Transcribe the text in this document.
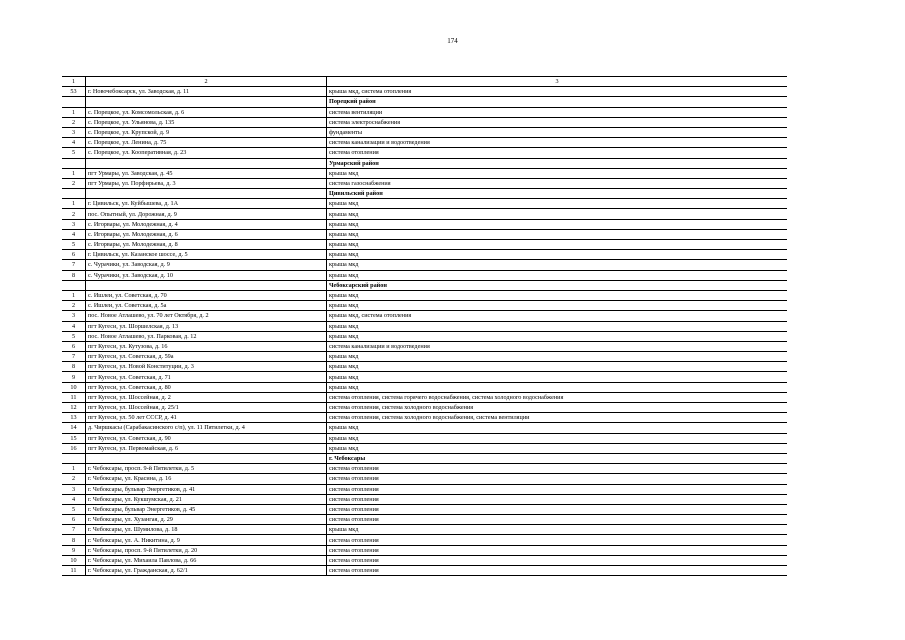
174
1	2	3
53	г. Новочебоксарск, ул. Заводская, д. 11	крыша мкд, система отопления
		Порецкий район
1	с. Порецкое, ул. Комсомольская, д. 6	система вентиляции
2	с. Порецкое, ул. Ульянова, д. 135	система электроснабжения
3	с. Порецкое, ул. Крупской, д. 9	фундаменты
4	с. Порецкое, ул. Ленина, д. 75	система канализации и водоотведения
5	с. Порецкое, ул. Кооперативная, д. 23	система отопления
		Урмарский район
1	пгт Урмары, ул. Заводская, д. 45	крыша мкд
2	пгт Урмары, ул. Порфирьева, д. 3	система газоснабжения
		Цивильский район
1	г. Цивильск, ул. Куйбышева, д. 1А	крыша мкд
2	пос. Опытный, ул. Дорожная, д. 9	крыша мкд
3	с. Игорвары, ул. Молодежная, д. 4	крыша мкд
4	с. Игорвары, ул. Молодежная, д. 6	крыша мкд
5	с. Игорвары, ул. Молодежная, д. 8	крыша мкд
6	г. Цивильск, ул. Казанское шоссе, д. 5	крыша мкд
7	с. Чурачики, ул. Заводская, д. 9	крыша мкд
8	с. Чурачики, ул. Заводская, д. 10	крыша мкд
		Чебоксарский район
1	с. Ишлеи, ул. Советская, д. 70	крыша мкд
2	с. Ишлеи, ул. Советская, д. 5а	крыша мкд
3	пос. Новое Атлашево, ул. 70 лет Октября, д. 2	крыша мкд, система отопления
4	пгт Кугеси, ул. Шоршелская, д. 13	крыша мкд
5	пос. Новое Атлашево, ул. Парковая, д. 12	крыша мкд
6	пгт Кугеси, ул. Кутузова, д. 16	система канализации и водоотведения
7	пгт Кугеси, ул. Советская, д. 59а	крыша мкд
8	пгт Кугеси, ул. Новой Конституции, д. 3	крыша мкд
9	пгт Кугеси, ул. Советская, д. 71	крыша мкд
10	пгт Кугеси, ул. Советская, д. 80	крыша мкд
11	пгт Кугеси, ул. Шоссейная, д. 2	система отопления, система горячего водоснабжения, система холодного водоснабжения
12	пгт Кугеси, ул. Шоссейная, д. 25/1	система отопления, система холодного водоснабжения
13	пгт Кугеси, ул. 50 лет СССР, д. 41	система отопления, система холодного водоснабжения, система вентиляции
14	д. Чиршкасы (Сарабакасинского с/п), ул. 11 Пятилетки, д. 4	крыша мкд
15	пгт Кугеси, ул. Советская, д. 90	крыша мкд
16	пгт Кугеси, ул. Первомайская, д. 6	крыша мкд
		г. Чебоксары
1	г. Чебоксары, просп. 9-й Пятилетки, д. 5	система отопления
2	г. Чебоксары, ул. Красина, д. 16	система отопления
3	г. Чебоксары, бульвар Энергетиков, д. 41	система отопления
4	г. Чебоксары, ул. Кукшумская, д. 21	система отопления
5	г. Чебоксары, бульвар Энергетиков, д. 45	система отопления
6	г. Чебоксары, ул. Хузангая, д. 29	система отопления
7	г. Чебоксары, ул. Шумилова, д. 18	крыша мкд
8	г. Чебоксары, ул. А. Никитина, д. 9	система отопления
9	г. Чебоксары, просп. 9-й Пятилетки, д. 20	система отопления
10	г. Чебоксары, ул. Михаила Павлова, д. 66	система отопления
11	г. Чебоксары, ул. Гражданская, д. 62/1	система отопления
